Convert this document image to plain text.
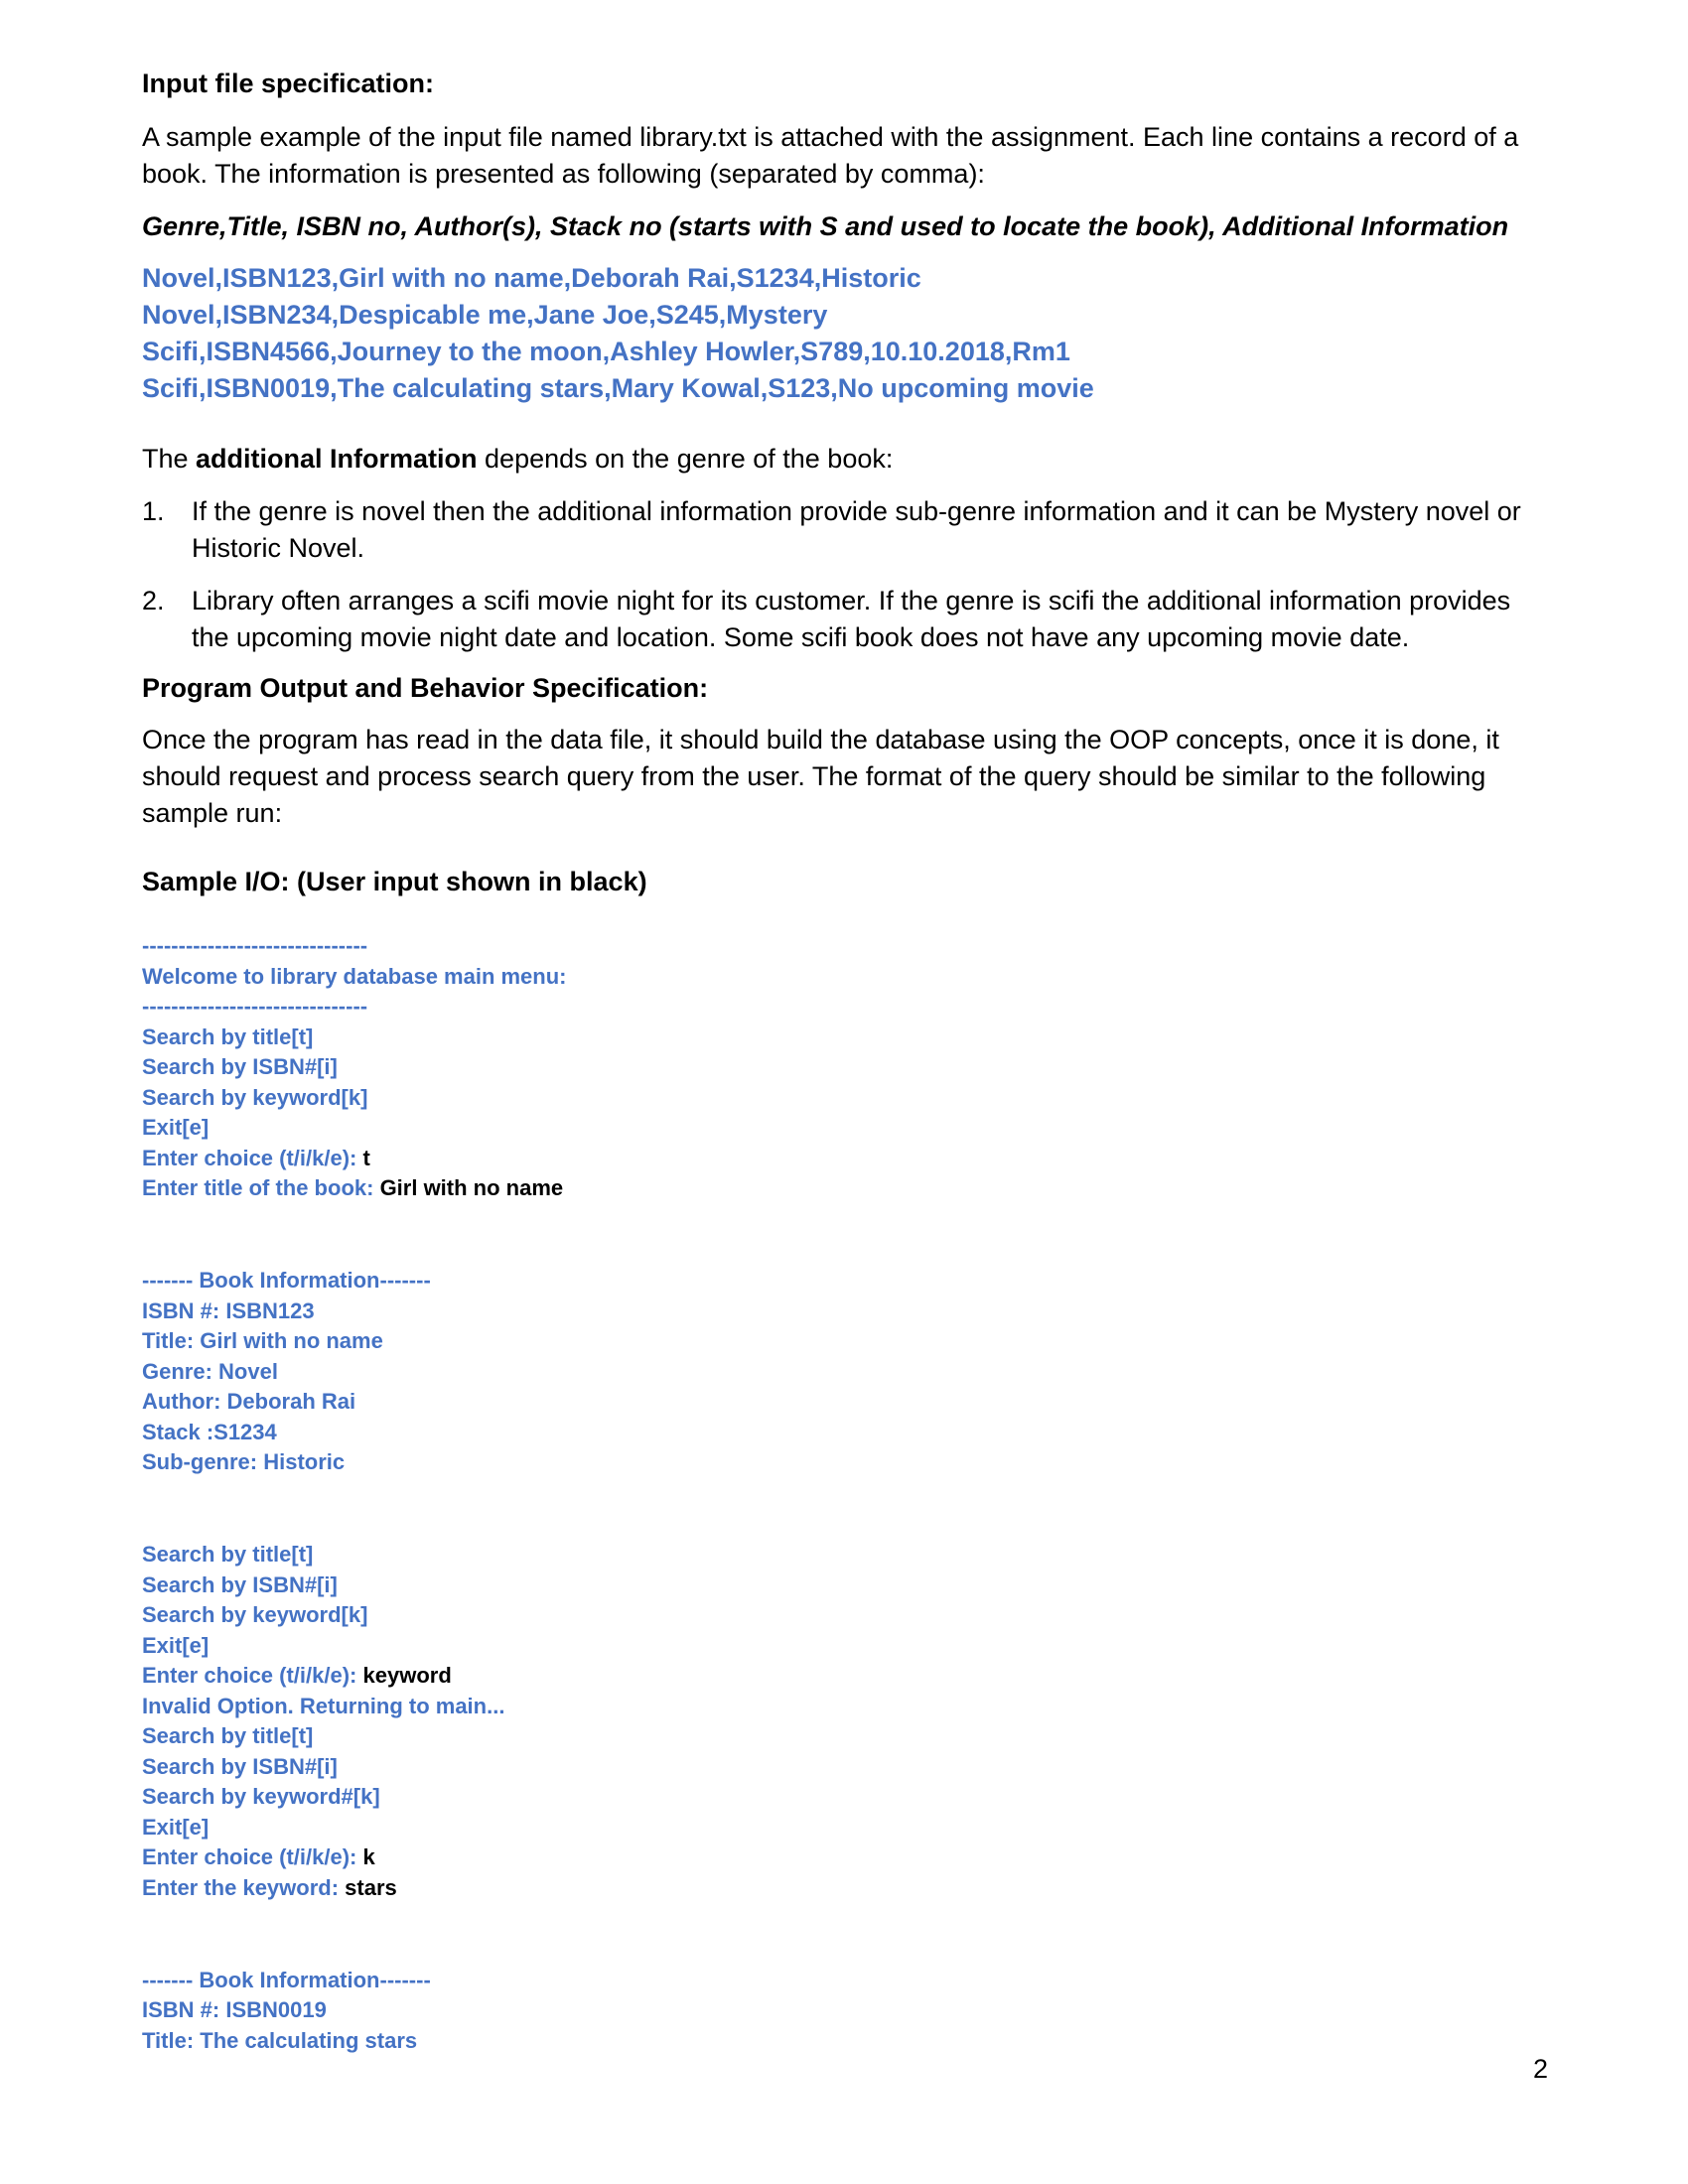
Input file specification:

A sample example of the input file named library.txt is attached with the assignment. Each line contains a record of a book. The information is presented as following (separated by comma):

Genre,Title, ISBN no, Author(s), Stack no (starts with S and used to locate the book), Additional Information

Novel,ISBN123,Girl with no name,Deborah Rai,S1234,Historic

Novel,ISBN234,Despicable me,Jane Joe,S245,Mystery

Scifi,ISBN4566,Journey to the moon,Ashley Howler,S789,10.10.2018,Rm1

Scifi,ISBN0019,The calculating stars,Mary Kowal,S123,No upcoming movie

The additional Information depends on the genre of the book:

1. If the genre is novel then the additional information provide sub-genre information and it can be Mystery novel or Historic Novel.
2. Library often arranges a scifi movie night for its customer. If the genre is scifi the additional information provides the upcoming movie night date and location. Some scifi book does not have any upcoming movie date.

Program Output and Behavior Specification:

Once the program has read in the data file, it should build the database using the OOP concepts, once it is done, it should request and process search query from the user. The format of the query should be similar to the following sample run:

Sample I/O: (User input shown in black)

-------------------------------

Welcome to library database main menu:

-------------------------------

Search by title[t]

Search by ISBN#[i]

Search by keyword[k]

Exit[e]

Enter choice (t/i/k/e): t

Enter title of the book: Girl with no name

------- Book Information-------

ISBN #: ISBN123

Title: Girl with no name

Genre: Novel

Author: Deborah Rai

Stack :S1234

Sub-genre: Historic

Search by title[t]

Search by ISBN#[i]

Search by keyword[k]

Exit[e]

Enter choice (t/i/k/e): keyword

Invalid Option. Returning to main...

Search by title[t]

Search by ISBN#[i]

Search by keyword#[k]

Exit[e]

Enter choice (t/i/k/e): k

Enter the keyword: stars

------- Book Information-------

ISBN #: ISBN0019

Title: The calculating stars

2
